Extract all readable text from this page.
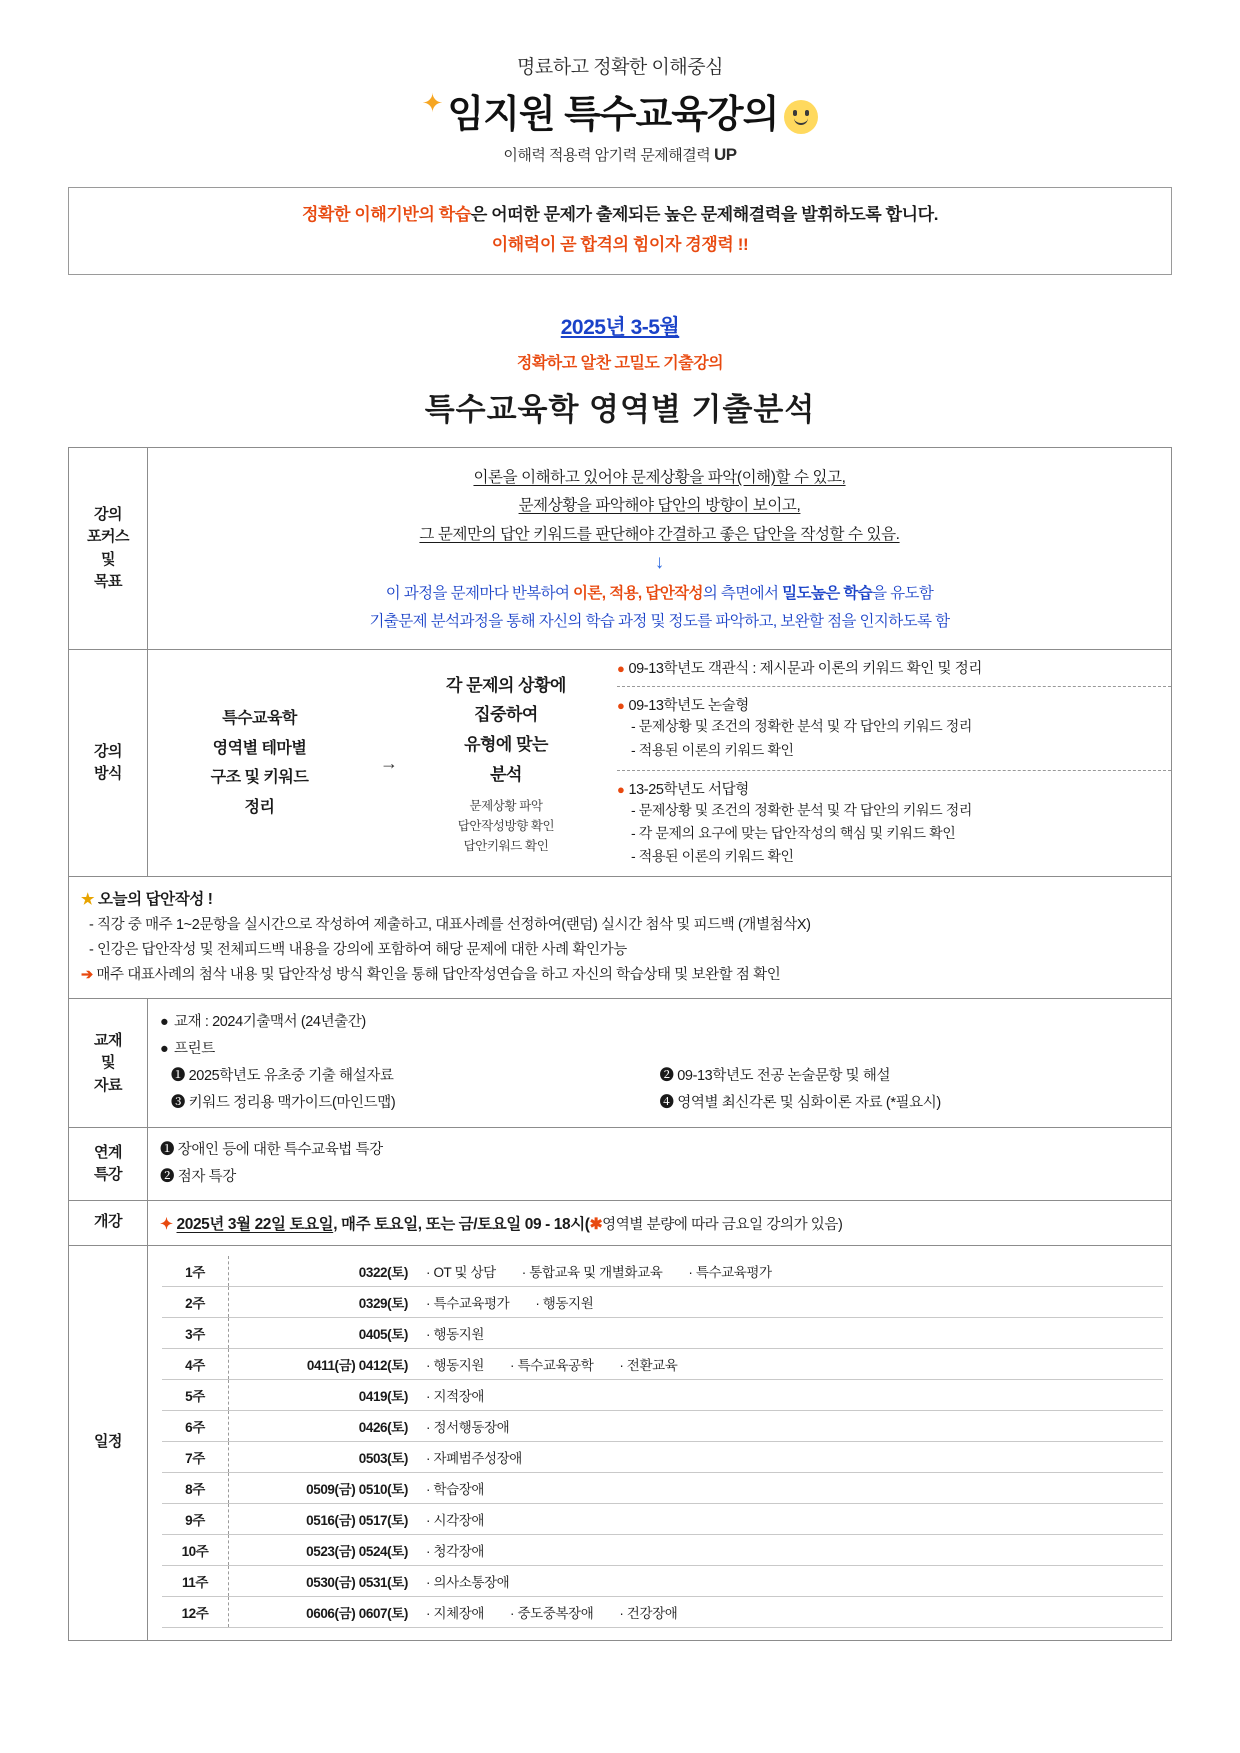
명료하고 정확한 이해중심
✦ 임지원 특수교육강의
이해력 적용력 암기력 문제해결력 UP
정확한 이해기반의 학습은 어떠한 문제가 출제되든 높은 문제해결력을 발휘하도록 합니다.
이해력이 곧 합격의 힘이자 경쟁력 !!
2025년 3-5월
정확하고 알찬 고밀도 기출강의
특수교육학 영역별 기출분석
강의
포커스
및
목표	
이론을 이해하고 있어야 문제상황을 파악(이해)할 수 있고,
문제상황을 파악해야 답안의 방향이 보이고,
그 문제만의 답안 키워드를 판단해야 간결하고 좋은 답안을 작성할 수 있음.
↓
이 과정을 문제마다 반복하여 이론, 적용, 답안작성의 측면에서 밀도높은 학습을 유도함
기출문제 분석과정을 통해 자신의 학습 과정 및 정도를 파악하고, 보완할 점을 인지하도록 함

강의
방식	
특수교육학
영역별 테마별
구조 및 키워드
정리	→	
각 문제의 상황에
집중하여
유형에 맞는
분석
문제상황 파악
답안작성방향 확인
답안키워드 확인

● 09-13학년도 객관식 : 제시문과 이론의 키워드 확인 및 정리
● 09-13학년도 논술형
- 문제상황 및 조건의 정확한 분석 및 각 답안의 키워드 정리
- 적용된 이론의 키워드 확인
● 13-25학년도 서답형
- 문제상황 및 조건의 정확한 분석 및 각 답안의 키워드 정리
- 각 문제의 요구에 맞는 답안작성의 핵심 및 키워드 확인
- 적용된 이론의 키워드 확인

★ 오늘의 답안작성 !
- 직강 중 매주 1~2문항을 실시간으로 작성하여 제출하고, 대표사례를 선정하여(랜덤) 실시간 첨삭 및 피드백 (개별첨삭X)
- 인강은 답안작성 및 전체피드백 내용을 강의에 포함하여 해당 문제에 대한 사례 확인가능
➔ 매주 대표사례의 첨삭 내용 및 답안작성 방식 확인을 통해 답안작성연습을 하고 자신의 학습상태 및 보완할 점 확인

교재
및
자료	
● 교재 : 2024기출맥서 (24년출간)
● 프린트
❶ 2025학년도 유초중 기출 해설자료	❷ 09-13학년도 전공 논술문항 및 해설
❸ 키워드 정리용 맥가이드(마인드맵)	❹ 영역별 최신각론 및 심화이론 자료 (*필요시)

연계
특강	
❶ 장애인 등에 대한 특수교육법 특강
❷ 점자 특강

개강	✦ 2025년 3월 22일 토요일, 매주 토요일, 또는 금/토요일 09 - 18시(✱영역별 분량에 따라 금요일 강의가 있음)
일정	
1주	0322(토)	·OT 및 상담 · 통합교육 및 개별화교육 · 특수교육평가
2주	0329(토)	·특수교육평가 · 행동지원
3주	0405(토)	·행동지원
4주	0411(금) 0412(토)	·행동지원 · 특수교육공학 · 전환교육
5주	0419(토)	·지적장애
6주	0426(토)	·정서행동장애
7주	0503(토)	·자폐범주성장애
8주	0509(금) 0510(토)	·학습장애
9주	0516(금) 0517(토)	·시각장애
10주	0523(금) 0524(토)	·청각장애
11주	0530(금) 0531(토)	·의사소통장애
12주	0606(금) 0607(토)	·지체장애 · 중도중복장애 · 건강장애
